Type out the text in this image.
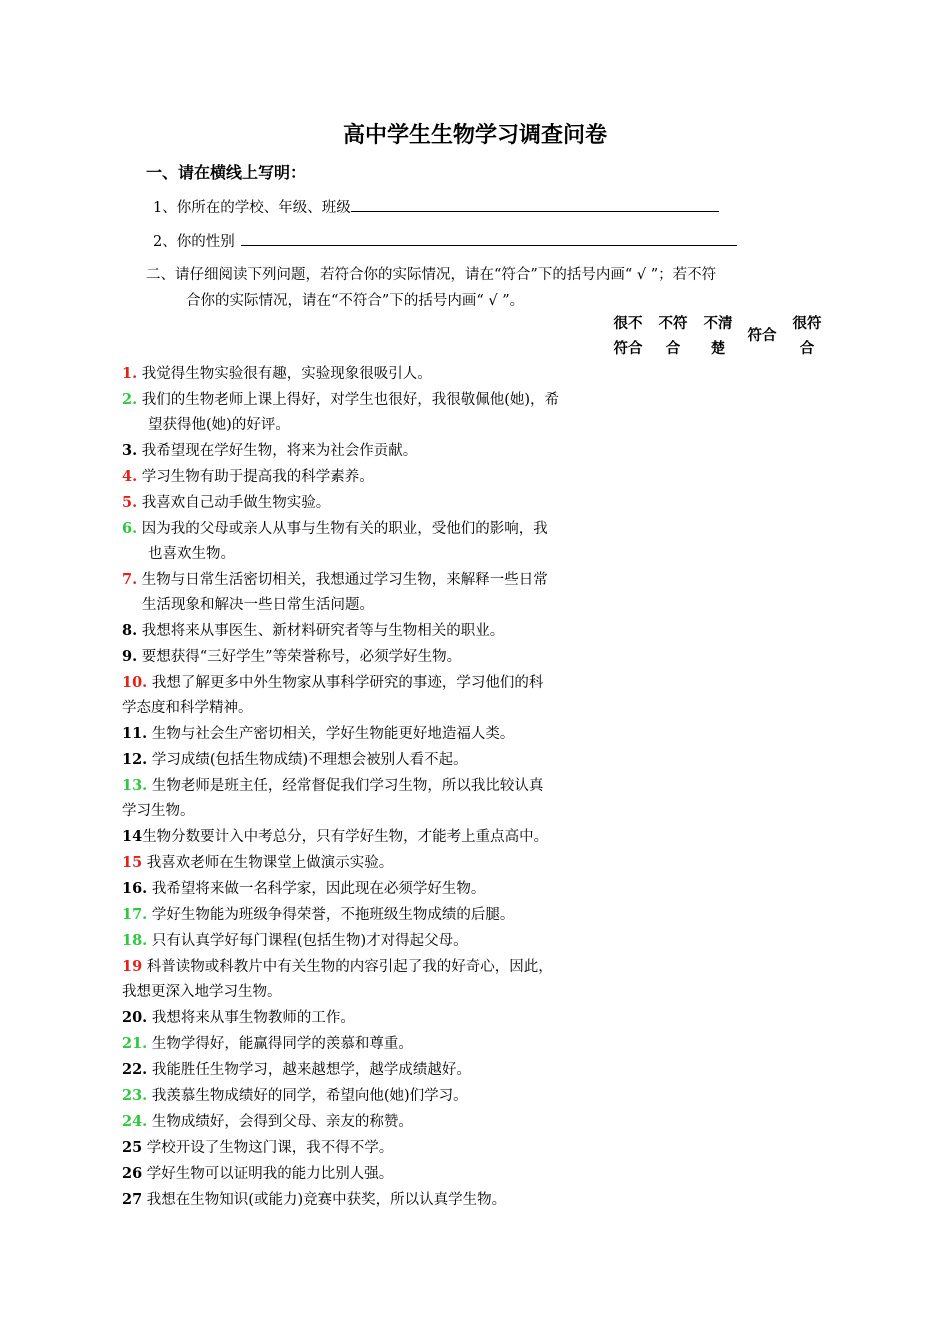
高中学生生物学习调查问卷
一、请在横线上写明：
1、你所在的学校、年级、班级
2、你的性别
二、请仔细阅读下列问题，若符合你的实际情况，请在“符合”下的括号内画“ √ ”；若不符
合你的实际情况，请在“不符合”下的括号内画“ √ ”。
很不
符合
不符
合
不清
楚
符合
很符
合
1. 我觉得生物实验很有趣，实验现象很吸引人。
2. 我们的生物老师上课上得好，对学生也很好，我很敬佩他(她)，希
望获得他(她)的好评。
3. 我希望现在学好生物，将来为社会作贡献。
4. 学习生物有助于提高我的科学素养。
5. 我喜欢自己动手做生物实验。
6. 因为我的父母或亲人从事与生物有关的职业，受他们的影响，我
也喜欢生物。
7. 生物与日常生活密切相关，我想通过学习生物，来解释一些日常
生活现象和解决一些日常生活问题。
8. 我想将来从事医生、新材料研究者等与生物相关的职业。
9. 要想获得“三好学生”等荣誉称号，必须学好生物。
10. 我想了解更多中外生物家从事科学研究的事迹，学习他们的科
学态度和科学精神。
11. 生物与社会生产密切相关，学好生物能更好地造福人类。
12. 学习成绩(包括生物成绩)不理想会被别人看不起。
13. 生物老师是班主任，经常督促我们学习生物，所以我比较认真
学习生物。
14生物分数要计入中考总分，只有学好生物，才能考上重点高中。
15 我喜欢老师在生物课堂上做演示实验。
16. 我希望将来做一名科学家，因此现在必须学好生物。
17. 学好生物能为班级争得荣誉，不拖班级生物成绩的后腿。
18. 只有认真学好每门课程(包括生物)才对得起父母。
19 科普读物或科教片中有关生物的内容引起了我的好奇心，因此，
我想更深入地学习生物。
20. 我想将来从事生物教师的工作。
21. 生物学得好，能赢得同学的羡慕和尊重。
22. 我能胜任生物学习，越来越想学，越学成绩越好。
23. 我羡慕生物成绩好的同学，希望向他(她)们学习。
24. 生物成绩好，会得到父母、亲友的称赞。
25 学校开设了生物这门课，我不得不学。
26 学好生物可以证明我的能力比别人强。
27 我想在生物知识(或能力)竞赛中获奖，所以认真学生物。
